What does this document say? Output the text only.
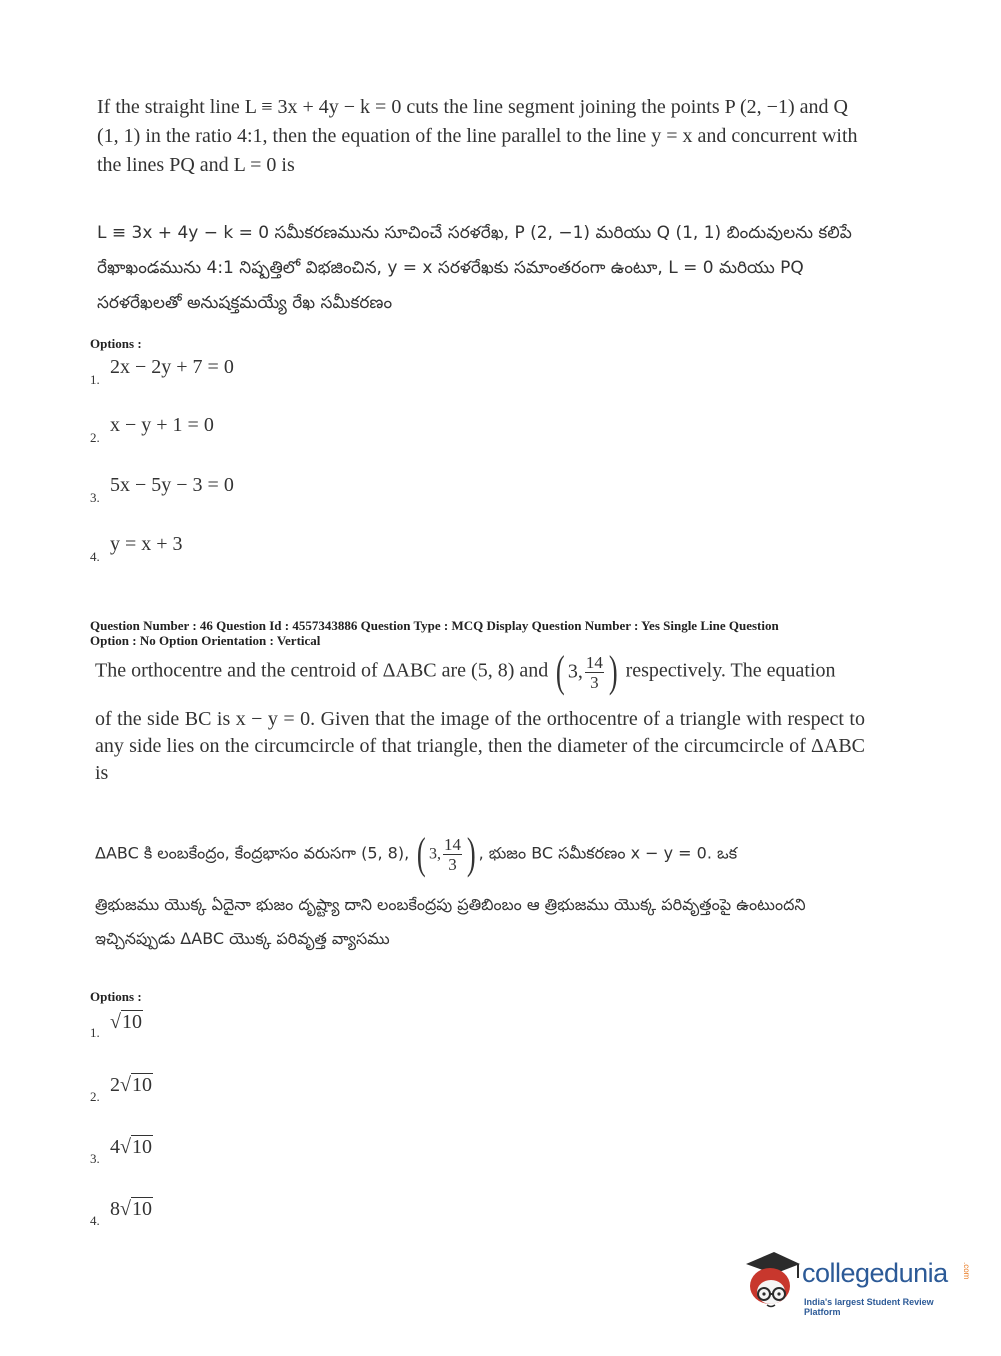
If the straight line L ≡ 3x + 4y − k = 0 cuts the line segment joining the points P (2, −1) and Q (1, 1) in the ratio 4:1, then the equation of the line parallel to the line y = x and concurrent with the lines PQ and L = 0 is
L ≡ 3x + 4y − k = 0 సమీకరణమును సూచించే సరళరేఖ, P (2, −1) మరియు Q (1, 1) బిందువులను కలిపే రేఖాఖండమును 4:1 నిష్పత్తిలో విభజించిన, y = x సరళరేఖకు సమాంతరంగా ఉంటూ, L = 0 మరియు PQ సరళరేఖలతో అనుషక్తమయ్యే రేఖ సమీకరణం
Options :
1.
2x − 2y + 7 = 0
2.
x − y + 1 = 0
3.
5x − 5y − 3 = 0
4.
y = x + 3
Question Number : 46 Question Id : 4557343886 Question Type : MCQ Display Question Number : Yes Single Line Question
Option : No Option Orientation : Vertical
The orthocentre and the centroid of ΔABC are (5, 8) and ( 3, $\frac{14}{3}$ ) respectively. The equation
of the side BC is x − y = 0. Given that the image of the orthocentre of a triangle with respect to any side lies on the circumcircle of that triangle, then the diameter of the circumcircle of ΔABC is
ΔABC కి లంబకేంద్రం, కేంద్రభాసం వరుసగా (5, 8), ( 3, $\frac{14}{3}$ ) , భుజం BC సమీకరణం x − y = 0. ఒక
త్రిభుజము యొక్క ఏదైనా భుజం దృష్ట్యా దాని లంబకేంద్రపు ప్రతిబింబం ఆ త్రిభుజము యొక్క పరివృత్తంపై ఉంటుందని ఇచ్చినప్పుడు ΔABC యొక్క పరివృత్త వ్యాసము
Options :
1. √10
2.
2√10
3.
4√10
4.
8√10
collegedunia .com
India's largest Student Review Platform
